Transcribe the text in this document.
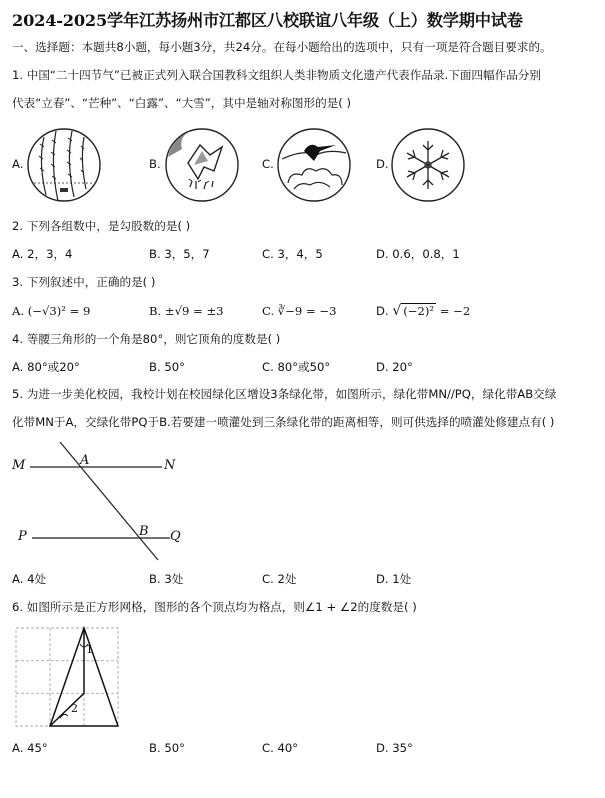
2024-2025学年江苏扬州市江都区八校联谊八年级（上）数学期中试卷
一、选择题：本题共8小题，每小题3分，共24分。在每小题给出的选项中，只有一项是符合题目要求的。
1. 中国“二十四节气”已被正式列入联合国教科文组织人类非物质文化遗产代表作品录.下面四幅作品分别
代表“立春”、“芒种”、“白露”、“大雪”，其中是轴对称图形的是( )
A.	B.	C.	D.
2. 下列各组数中，是勾股数的是( )
A. 2，3，4	B. 3，5，7	C. 3，4，5	D. 0.6，0.8，1
3. 下列叙述中，正确的是( )
A. (−√3)² = 9	B. ±√9 = ±3	C. ∛−9 = −3	D. √ (−2)² = −2
4. 等腰三角形的一个角是80°，则它顶角的度数是( )
A. 80°或20°	B. 50°	C. 80°或50°	D. 20°
5. 为进一步美化校园，我校计划在校园绿化区增设3条绿化带，如图所示，绿化带MN//PQ，绿化带AB交绿
化带MN于A，交绿化带PQ于B.若要建一喷灌处到三条绿化带的距离相等，则可供选择的喷灌处修建点有( )
M	A	N
P	B Q
A. 4处	B. 3处	C. 2处	D. 1处
6. 如图所示是正方形网格，图形的各个顶点均为格点，则∠1 + ∠2的度数是( )
1
2
A. 45°	B. 50°	C. 40°	D. 35°
